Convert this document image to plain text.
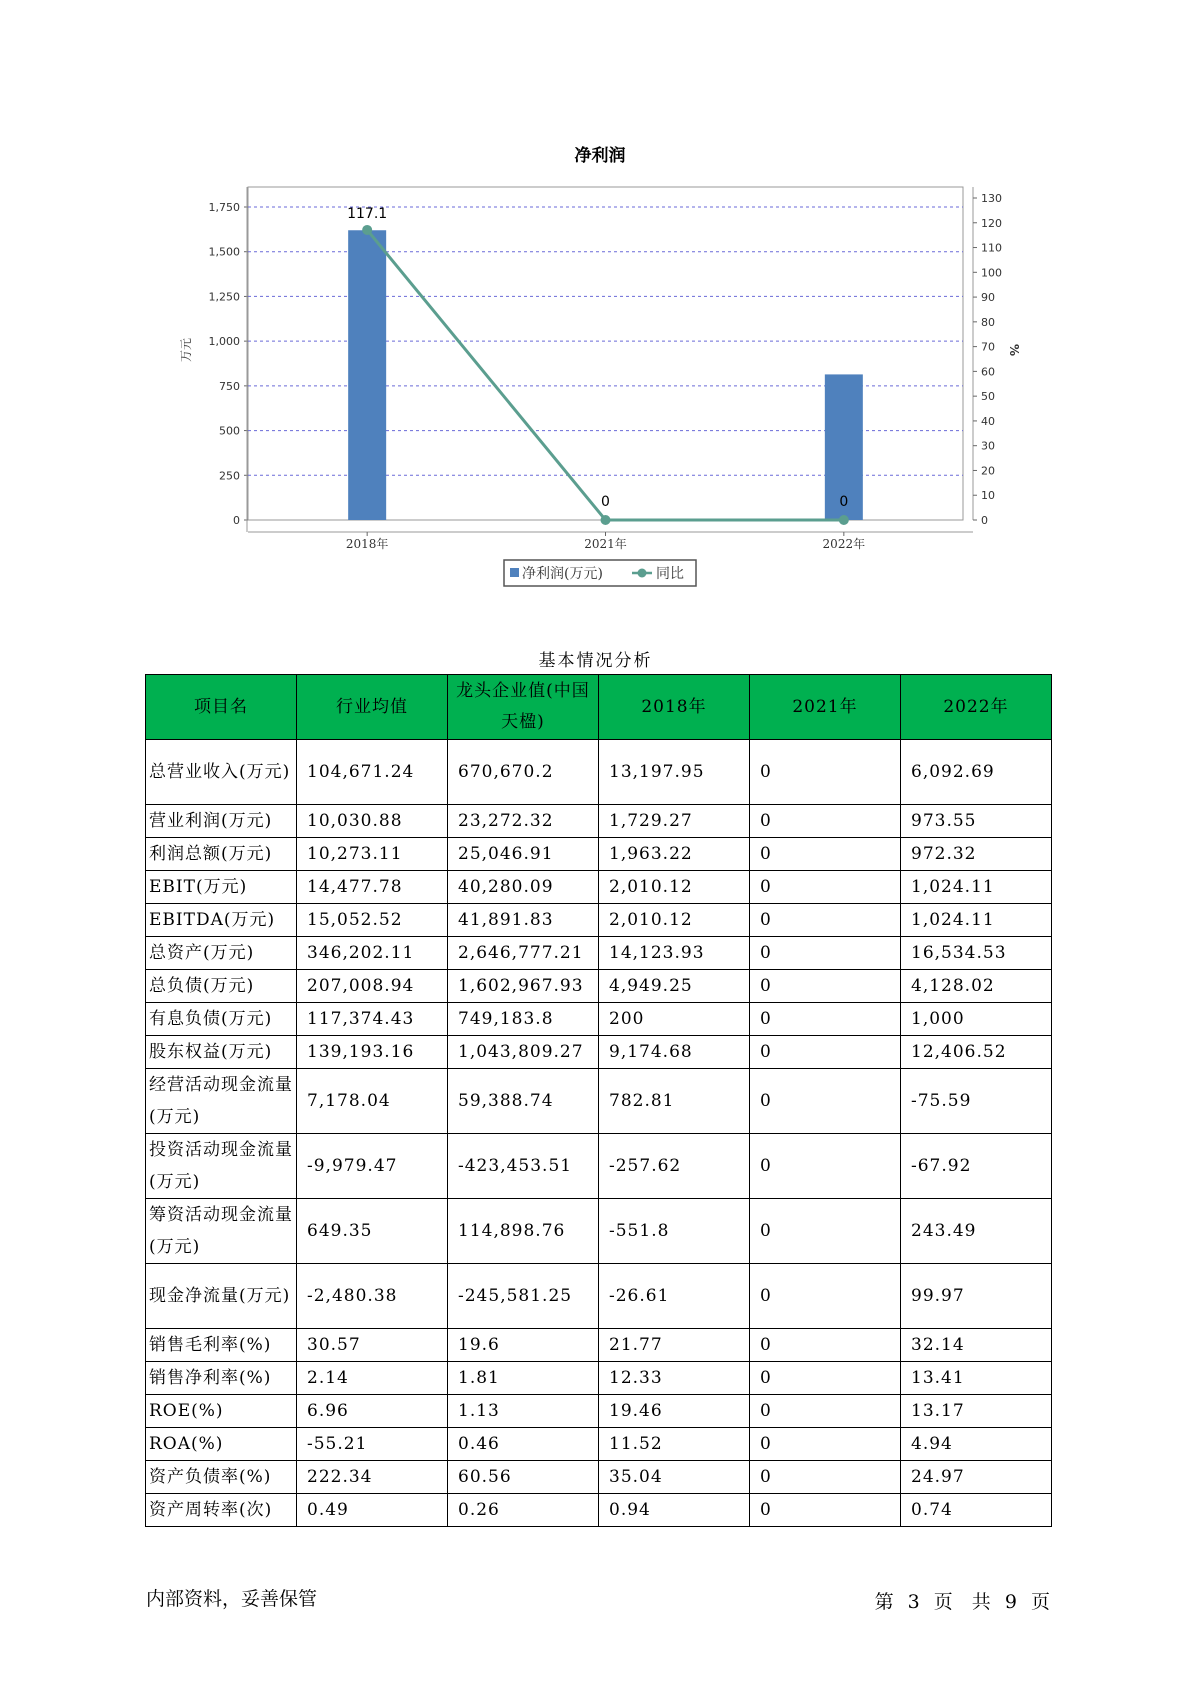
净利润
0
250
500
750
1,000
1,250
1,500
1,750
0
10
20
30
40
50
60
70
80
90
100
110
120
130
2018年	2021年	2022年
117.1
0	0
万元	%
净利润(万元)	同比
基本情况分析
项目名	行业均值	龙头企业值(中国天楹)	2018年	2021年	2022年
总营业收入(万元)	104,671.24	670,670.2	13,197.95	0	6,092.69
营业利润(万元)	10,030.88	23,272.32	1,729.27	0	973.55
利润总额(万元)	10,273.11	25,046.91	1,963.22	0	972.32
EBIT(万元)	14,477.78	40,280.09	2,010.12	0	1,024.11
EBITDA(万元)	15,052.52	41,891.83	2,010.12	0	1,024.11
总资产(万元)	346,202.11	2,646,777.21	14,123.93	0	16,534.53
总负债(万元)	207,008.94	1,602,967.93	4,949.25	0	4,128.02
有息负债(万元)	117,374.43	749,183.8	200	0	1,000
股东权益(万元)	139,193.16	1,043,809.27	9,174.68	0	12,406.52
经营活动现金流量(万元)	7,178.04	59,388.74	782.81	0	-75.59
投资活动现金流量(万元)	-9,979.47	-423,453.51	-257.62	0	-67.92
筹资活动现金流量(万元)	649.35	114,898.76	-551.8	0	243.49
现金净流量(万元)	-2,480.38	-245,581.25	-26.61	0	99.97
销售毛利率(%)	30.57	19.6	21.77	0	32.14
销售净利率(%)	2.14	1.81	12.33	0	13.41
ROE(%)	6.96	1.13	19.46	0	13.17
ROA(%)	-55.21	0.46	11.52	0	4.94
资产负债率(%)	222.34	60.56	35.04	0	24.97
资产周转率(次)	0.49	0.26	0.94	0	0.74
内部资料，妥善保管	第 3 页　共 9 页
